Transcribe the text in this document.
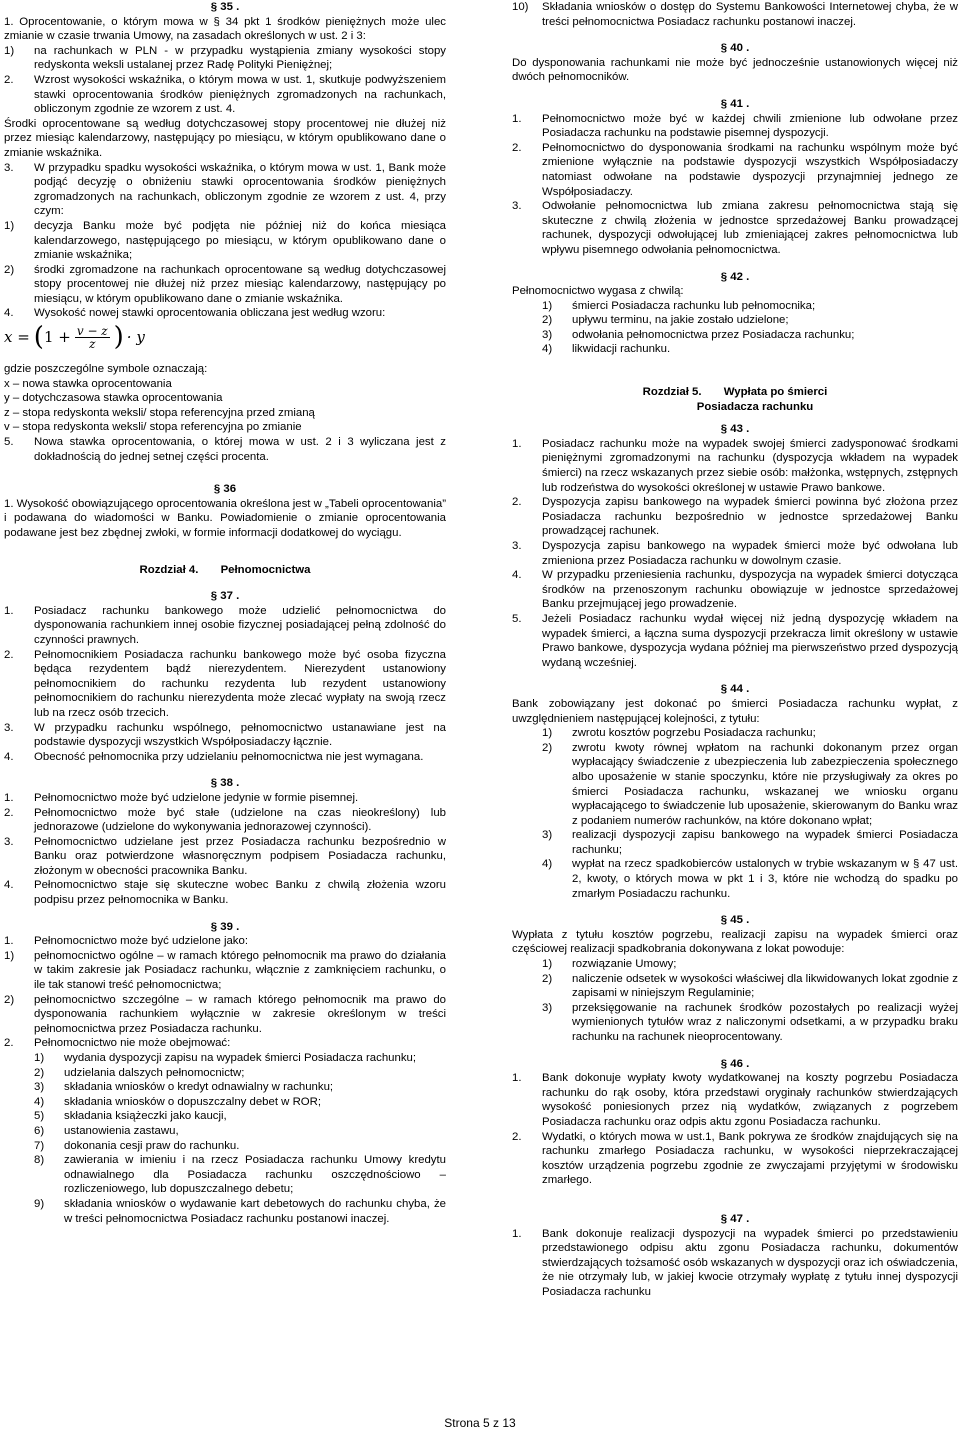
§ 35 .

1. Oprocentowanie, o którym mowa w § 34 pkt 1 środków pieniężnych może ulec zmianie w czasie trwania Umowy, na zasadach określonych w ust. 2 i 3:

1)	na rachunkach w PLN - w przypadku wystąpienia zmiany wysokości stopy redyskonta weksli ustalanej przez Radę Polityki Pieniężnej;
2.	Wzrost wysokości wskaźnika, o którym mowa w ust. 1, skutkuje podwyższeniem stawki oprocentowania środków pieniężnych zgromadzonych na rachunkach, obliczonym zgodnie ze wzorem z ust. 4.

Środki oprocentowane są według dotychczasowej stopy procentowej nie dłużej niż przez miesiąc kalendarzowy, następujący po miesiącu, w którym opublikowano dane o zmianie wskaźnika.

3.	W przypadku spadku wysokości wskaźnika, o którym mowa w ust. 1, Bank może podjąć decyzję o obniżeniu stawki oprocentowania środków pieniężnych zgromadzonych na rachunkach, obliczonym zgodnie ze wzorem z ust. 4, przy czym:
1)	decyzja Banku może być podjęta nie później niż do końca miesiąca kalendarzowego, następującego po miesiącu, w którym opublikowano dane o zmianie wskaźnika;
2)	środki zgromadzone na rachunkach oprocentowane są według dotychczasowej stopy procentowej nie dłużej niż przez miesiąc kalendarzowy, następujący po miesiącu, w którym opublikowano dane o zmianie wskaźnika.
4.	Wysokość nowej stawki oprocentowania obliczana jest według wzoru:
x = ( $1 + \frac{v - z}{z}$ ) · y

gdzie poszczególne symbole oznaczają:

x – nowa stawka oprocentowania

y – dotychczasowa stawka oprocentowania

z – stopa redyskonta weksli/ stopa referencyjna przed zmianą

v – stopa redyskonta weksli/ stopa referencyjna po zmianie

5.	Nowa stawka oprocentowania, o której mowa w ust. 2 i 3 wyliczana jest z dokładnością do jednej setnej części procenta.

§ 36

1. Wysokość obowiązującego oprocentowania określona jest w „Tabeli oprocentowania” i podawana do wiadomości w Banku. Powiadomienie o zmianie oprocentowania podawane jest bez zbędnej zwłoki, w formie informacji dodatkowej do wyciągu.

Rozdział 4. Pełnomocnictwa

§ 37 .

1.	Posiadacz rachunku bankowego może udzielić pełnomocnictwa do dysponowania rachunkiem innej osobie fizycznej posiadającej pełną zdolność do czynności prawnych.
2.	Pełnomocnikiem Posiadacza rachunku bankowego może być osoba fizyczna będąca rezydentem bądź nierezydentem. Nierezydent ustanowiony pełnomocnikiem do rachunku rezydenta lub rezydent ustanowiony pełnomocnikiem do rachunku nierezydenta może zlecać wypłaty na swoją rzecz lub na rzecz osób trzecich.
3.	W przypadku rachunku wspólnego, pełnomocnictwo ustanawiane jest na podstawie dyspozycji wszystkich Współposiadaczy łącznie.
4.	Obecność pełnomocnika przy udzielaniu pełnomocnictwa nie jest wymagana.

§ 38 .

1.	Pełnomocnictwo może być udzielone jedynie w formie pisemnej.
2.	Pełnomocnictwo może być stałe (udzielone na czas nieokreślony) lub jednorazowe (udzielone do wykonywania jednorazowej czynności).
3.	Pełnomocnictwo udzielane jest przez Posiadacza rachunku bezpośrednio w Banku oraz potwierdzone własnoręcznym podpisem Posiadacza rachunku, złożonym w obecności pracownika Banku.
4.	Pełnomocnictwo staje się skuteczne wobec Banku z chwilą złożenia wzoru podpisu przez pełnomocnika w Banku.

§ 39 .

1.	Pełnomocnictwo może być udzielone jako:
1)	pełnomocnictwo ogólne – w ramach którego pełnomocnik ma prawo do działania w takim zakresie jak Posiadacz rachunku, włącznie z zamknięciem rachunku, o ile tak stanowi treść pełnomocnictwa;
2)	pełnomocnictwo szczególne – w ramach którego pełnomocnik ma prawo do dysponowania rachunkiem wyłącznie w zakresie określonym w treści pełnomocnictwa przez Posiadacza rachunku.
2.	Pełnomocnictwo nie może obejmować:
1)	wydania dyspozycji zapisu na wypadek śmierci Posiadacza rachunku;
2)	udzielania dalszych pełnomocnictw;
3)	składania wniosków o kredyt odnawialny w rachunku;
4)	składania wniosków o dopuszczalny debet w ROR;
5)	składania książeczki jako kaucji,
6)	ustanowienia zastawu,
7)	dokonania cesji praw do rachunku.
8)	zawierania w imieniu i na rzecz Posiadacza rachunku Umowy kredytu odnawialnego dla Posiadacza rachunku oszczędnościowo –rozliczeniowego, lub dopuszczalnego debetu;
9)	składania wniosków o wydawanie kart debetowych do rachunku chyba, że w treści pełnomocnictwa Posiadacz rachunku postanowi inaczej.
10)	Składania wniosków o dostęp do Systemu Bankowości Internetowej chyba, że w treści pełnomocnictwa Posiadacz rachunku postanowi inaczej.

§ 40 .

Do dysponowania rachunkami nie może być jednocześnie ustanowionych więcej niż dwóch pełnomocników.

§ 41 .

1.	Pełnomocnictwo może być w każdej chwili zmienione lub odwołane przez Posiadacza rachunku na podstawie pisemnej dyspozycji.
2.	Pełnomocnictwo do dysponowania środkami na rachunku wspólnym może być zmienione wyłącznie na podstawie dyspozycji wszystkich Współposiadaczy natomiast odwołane na podstawie dyspozycji przynajmniej jednego ze Współposiadaczy.
3.	Odwołanie pełnomocnictwa lub zmiana zakresu pełnomocnictwa stają się skuteczne z chwilą złożenia w jednostce sprzedażowej Banku prowadzącej rachunek, dyspozycji odwołującej lub zmieniającej zakres pełnomocnictwa lub wpływu pisemnego odwołania pełnomocnictwa.

§ 42 .

Pełnomocnictwo wygasa z chwilą:

1)	śmierci Posiadacza rachunku lub pełnomocnika;
2)	upływu terminu, na jakie zostało udzielone;
3)	odwołania pełnomocnictwa przez Posiadacza rachunku;
4)	likwidacji rachunku.

Rozdział 5. Wypłata po śmierci

Posiadacza rachunku

§ 43 .

1.	Posiadacz rachunku może na wypadek swojej śmierci zadysponować środkami pieniężnymi zgromadzonymi na rachunku (dyspozycja wkładem na wypadek śmierci) na rzecz wskazanych przez siebie osób: małżonka, wstępnych, zstępnych lub rodzeństwa do wysokości określonej w ustawie Prawo bankowe.
2.	Dyspozycja zapisu bankowego na wypadek śmierci powinna być złożona przez Posiadacza rachunku bezpośrednio w jednostce sprzedażowej Banku prowadzącej rachunek.
3.	Dyspozycja zapisu bankowego na wypadek śmierci może być odwołana lub zmieniona przez Posiadacza rachunku w dowolnym czasie.
4.	W przypadku przeniesienia rachunku, dyspozycja na wypadek śmierci dotycząca środków na przenoszonym rachunku obowiązuje w jednostce sprzedażowej Banku przejmującej jego prowadzenie.
5.	Jeżeli Posiadacz rachunku wydał więcej niż jedną dyspozycję wkładem na wypadek śmierci, a łączna suma dyspozycji przekracza limit określony w ustawie Prawo bankowe, dyspozycja wydana później ma pierwszeństwo przed dyspozycją wydaną wcześniej.

§ 44 .

Bank zobowiązany jest dokonać po śmierci Posiadacza rachunku wypłat, z uwzględnieniem następującej kolejności, z tytułu:

1)	zwrotu kosztów pogrzebu Posiadacza rachunku;
2)	zwrotu kwoty równej wpłatom na rachunki dokonanym przez organ wypłacający świadczenie z ubezpieczenia lub zabezpieczenia społecznego albo uposażenie w stanie spoczynku, które nie przysługiwały za okres po śmierci Posiadacza rachunku, wskazanej we wniosku organu wypłacającego to świadczenie lub uposażenie, skierowanym do Banku wraz z podaniem numerów rachunków, na które dokonano wpłat;
3)	realizacji dyspozycji zapisu bankowego na wypadek śmierci Posiadacza rachunku;
4)	wypłat na rzecz spadkobierców ustalonych w trybie wskazanym w § 47 ust. 2, kwoty, o których mowa w pkt 1 i 3, które nie wchodzą do spadku po zmarłym Posiadaczu rachunku.

§ 45 .

Wypłata z tytułu kosztów pogrzebu, realizacji zapisu na wypadek śmierci oraz częściowej realizacji spadkobrania dokonywana z lokat powoduje:

1)	rozwiązanie Umowy;
2)	naliczenie odsetek w wysokości właściwej dla likwidowanych lokat zgodnie z zapisami w niniejszym Regulaminie;
3)	przeksięgowanie na rachunek środków pozostałych po realizacji wyżej wymienionych tytułów wraz z naliczonymi odsetkami, a w przypadku braku rachunku na rachunek nieoprocentowany.

§ 46 .

1.	Bank dokonuje wypłaty kwoty wydatkowanej na koszty pogrzebu Posiadacza rachunku do rąk osoby, która przedstawi oryginały rachunków stwierdzających wysokość poniesionych przez nią wydatków, związanych z pogrzebem Posiadacza rachunku oraz odpis aktu zgonu Posiadacza rachunku.
2.	Wydatki, o których mowa w ust.1, Bank pokrywa ze środków znajdujących się na rachunku zmarłego Posiadacza rachunku, w wysokości nieprzekraczającej kosztów urządzenia pogrzebu zgodnie ze zwyczajami przyjętymi w środowisku zmarłego.

§ 47 .

1.	Bank dokonuje realizacji dyspozycji na wypadek śmierci po przedstawieniu przedstawionego odpisu aktu zgonu Posiadacza rachunku, dokumentów stwierdzających tożsamość osób wskazanych w dyspozycji oraz ich oświadczenia, że nie otrzymały lub, w jakiej kwocie otrzymały wypłatę z tytułu innej dyspozycji Posiadacza rachunku
Strona 5 z 13
